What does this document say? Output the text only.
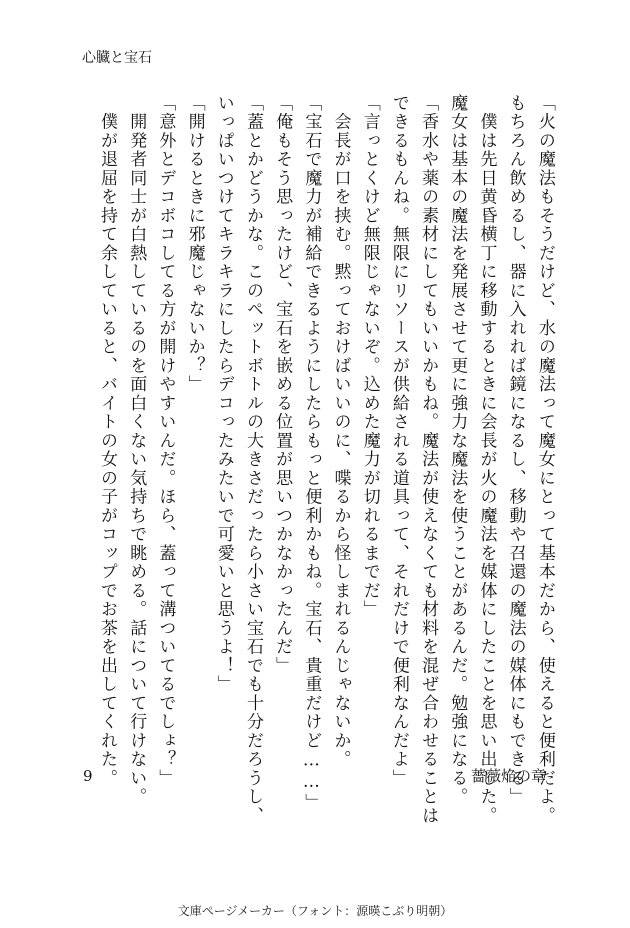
心臓と宝石
「火の魔法もそうだけど、水の魔法って魔女にとって基本だから、使えると便利だよ。
もちろん飲めるし、器に入れれば鏡になるし、移動や召還の魔法の媒体にもできる」
　僕は先日黄昏横丁に移動するときに会長が火の魔法を媒体にしたことを思い出した。
魔女は基本の魔法を発展させて更に強力な魔法を使うことがあるんだ。勉強になる。
「香水や薬の素材にしてもいいかもね。魔法が使えなくても材料を混ぜ合わせることは
できるもんね。無限にリソースが供給される道具って、それだけで便利なんだよ」
「言っとくけど無限じゃないぞ。込めた魔力が切れるまでだ」
　会長が口を挟む。黙っておけばいいのに、喋るから怪しまれるんじゃないか。
「宝石で魔力が補給できるようにしたらもっと便利かもね。宝石、貴重だけど……」
「俺もそう思ったけど、宝石を嵌める位置が思いつかなかったんだ」
「蓋とかどうかな。このペットボトルの大きさだったら小さい宝石でも十分だろうし、
いっぱいつけてキラキラにしたらデコったみたいで可愛いと思うよ！」
「開けるときに邪魔じゃないか？」
「意外とデコボコしてる方が開けやすいんだ。ほら、蓋って溝ついてるでしょ？」
　開発者同士が白熱しているのを面白くない気持ちで眺める。話について行けない。
　僕が退屈を持て余していると、バイトの女の子がコップでお茶を出してくれた。
9	薔薇焔の章
文庫ページメーカー（フォント：源暎こぶり明朝）
